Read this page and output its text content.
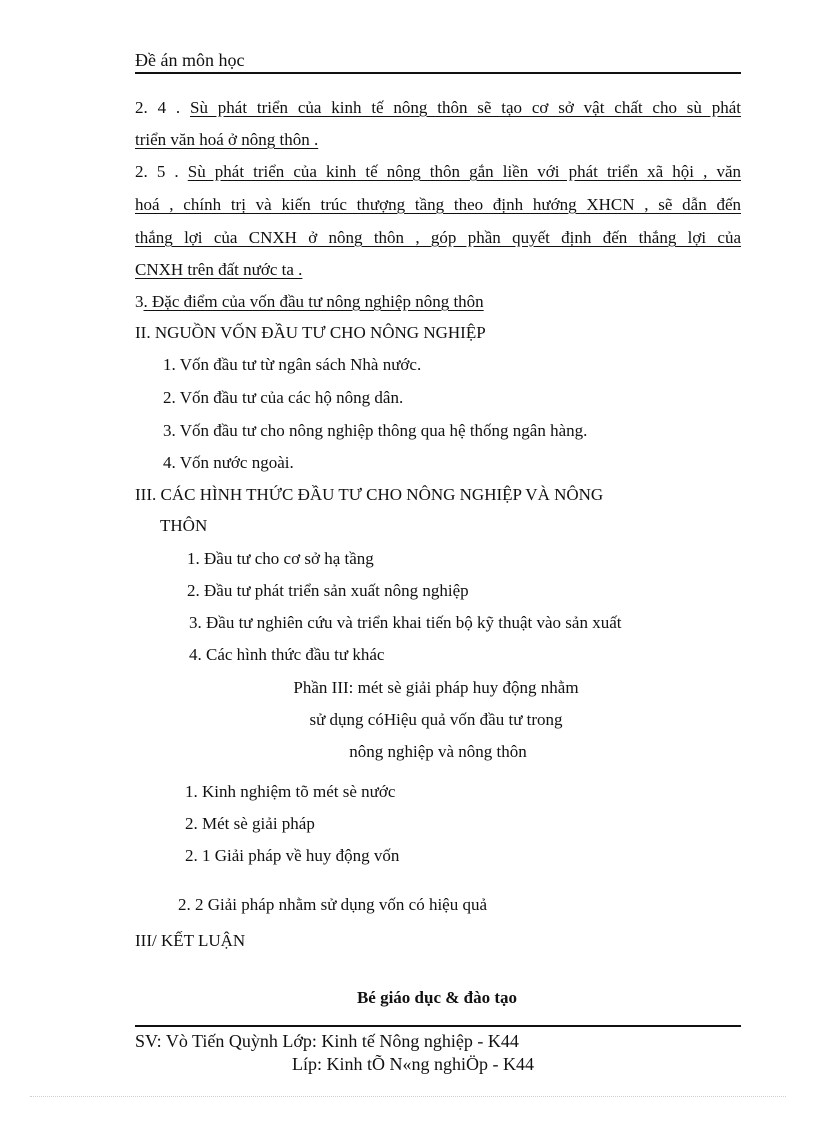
Đề án môn học
2. 4 . Sù phát triển của kinh tế nông thôn sẽ tạo cơ sở vật chất cho sù phát
triển văn hoá ở nông thôn .
2. 5 . Sù phát triển của kinh tế nông thôn gắn liền với phát triển xã hội , văn
hoá , chính trị và kiến trúc thượng tầng theo định hướng XHCN , sẽ dẫn đến
thắng lợi của CNXH ở nông thôn , góp phần quyết định đến thắng lợi của
CNXH trên đất nước ta .
3. Đặc điểm của vốn đầu tư nông nghiệp nông thôn
II. NGUỒN VỐN ĐẦU TƯ CHO NÔNG NGHIỆP
1. Vốn đầu tư từ ngân sách Nhà nước.
2. Vốn đầu tư của các hộ nông dân.
3. Vốn đầu tư cho nông nghiệp thông qua hệ thống ngân hàng.
4. Vốn nước ngoài.
III. CÁC HÌNH THỨC ĐẦU TƯ CHO NÔNG NGHIỆP VÀ NÔNG
THÔN
1. Đầu tư cho cơ sở hạ tầng
2. Đầu tư phát triển sản xuất nông nghiệp
3. Đầu tư nghiên cứu và triển khai tiến bộ kỹ thuật vào sản xuất
4. Các hình thức đầu tư khác
Phần III: mét sè giải pháp huy động nhằm
sử dụng cóHiệu quả vốn đầu tư trong
nông nghiệp và nông thôn
1. Kinh nghiệm tõ mét sè nước
2. Mét sè giải pháp
2. 1 Giải pháp về huy động vốn
2. 2 Giải pháp nhằm sử dụng vốn có hiệu quả
III/ KẾT LUẬN
Bé giáo dục & đào tạo
SV: Vò Tiến Quỳnh Lớp: Kinh tế Nông nghiệp - K44
Líp: Kinh tÕ N«ng nghiÖp - K44
